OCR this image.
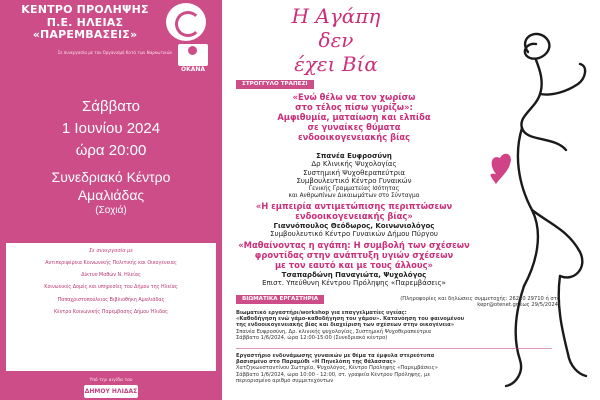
ΚΕΝΤΡΟ ΠΡΟΛΗΨΗΣ
Π.Ε. ΗΛΕΙΑΣ
«ΠΑΡΕΜΒΑΣΕΙΣ»
Σε συνεργασία με τον Οργανισμό Κατά των Ναρκωτικών
OKANA
Σάββατο
1 Ιουνίου 2024
ώρα 20:00
Συνεδριακό Κέντρο
Αμαλιάδας
(Σοχιά)
Σε συνεργασία με
Αντιπεριφέρεια Κοινωνικής Πολιτικής και Οικογένειας
Δίκτυο Μαθών Ν. Ηλείας
Κοινωνικές Δομές και υπηρεσίες του Δήμου της Ηλείας
Παπαχριστοπούλειος Βιβλιοθήκη Αμαλιάδας
Κέντρο Κοινωνικής Παρέμβασης Δήμου Ήλιδας
Υπό την αιγίδα του
ΔΗΜΟΥ ΗΛΙΔΑΣ
Η Αγάπη
δεν
έχει Βία
ΣΤΡΟΓΓΥΛΟ ΤΡΑΠΕΖΙ
«Ενώ θέλω να τον χωρίσω
στο τέλος πίσω γυρίζω»:
Αμφιθυμία, ματαίωση και ελπίδα
σε γυναίκες θύματα
ενδοοικογενειακής βίας
Σπανέα Ευφροσύνη
Δρ Κλινικής Ψυχολογίας
Συστημική Ψυχοθεραπεύτρια
Συμβουλευτικό Κέντρο Γυναικών
Γενικής Γραμματείας Ισότητας
και Ανθρωπίνων Δικαιωμάτων στο Σύνταγμα
«Η εμπειρία αντιμετώπισης περιπτώσεων
ενδοοικογενειακής βίας»
Γιαννόπουλος Θεόδωρος, Κοινωνιολόγος
Συμβουλευτικό Κέντρο Γυναικών Δήμου Πύργου
«Μαθαίνοντας η αγάπη: Η συμβολή των σχέσεων
φροντίδας στην ανάπτυξη υγιών σχέσεων
με τον εαυτό και με τους άλλους»
Τσαπαρδώνη Παναγιώτα, Ψυχολόγος
Επιστ. Υπεύθυνη Κέντρου Πρόληψης «Παρεμβάσεις»
ΒΙΩΜΑΤΙΚΑ ΕΡΓΑΣΤΗΡΙΑ	(Πληροφορίες και δηλώσεις συμμετοχής: 26220 29710 ή στο kepr@otenet.gr έως 29/5/2024)
Βιωματικό εργαστήρι/workshop για επαγγελματίες υγείας:
«Καθοδήγηση ενώ γάμο-καθοδήγηση του γάμου». Κατανόηση του φαινομένου
της ενδοοικογενειακής βίας και διαχείριση των σχέσεων στην οικογένεια»
Σπανέα Ευφροσύνη, Δρ. κλινικής ψυχολογίας, Συστημική Ψυχοθεραπεύτρια
Σάββατο 1/6/2024, ώρα 12:00-15:00 (Συνεδριακό κέντρο)
Εργαστήριο ενδυνάμωσης γυναικών με θέμα τα έμφυλα στερεότυπα
βασισμένο στο Παραμύθι «Η Πηνελόπη της θάλασσας»
Χατζηκωνσταντίνου Σωτηρία, Ψυχολόγος, Κέντρο Πρόληψης «Παρεμβάσεις»
Σάββατο 1/6/2024, ώρα 10:00 - 12:00, στ. γραφεία Κέντρου Πρόληψης, με
περιορισμένο αριθμό συμμετεχόντων
